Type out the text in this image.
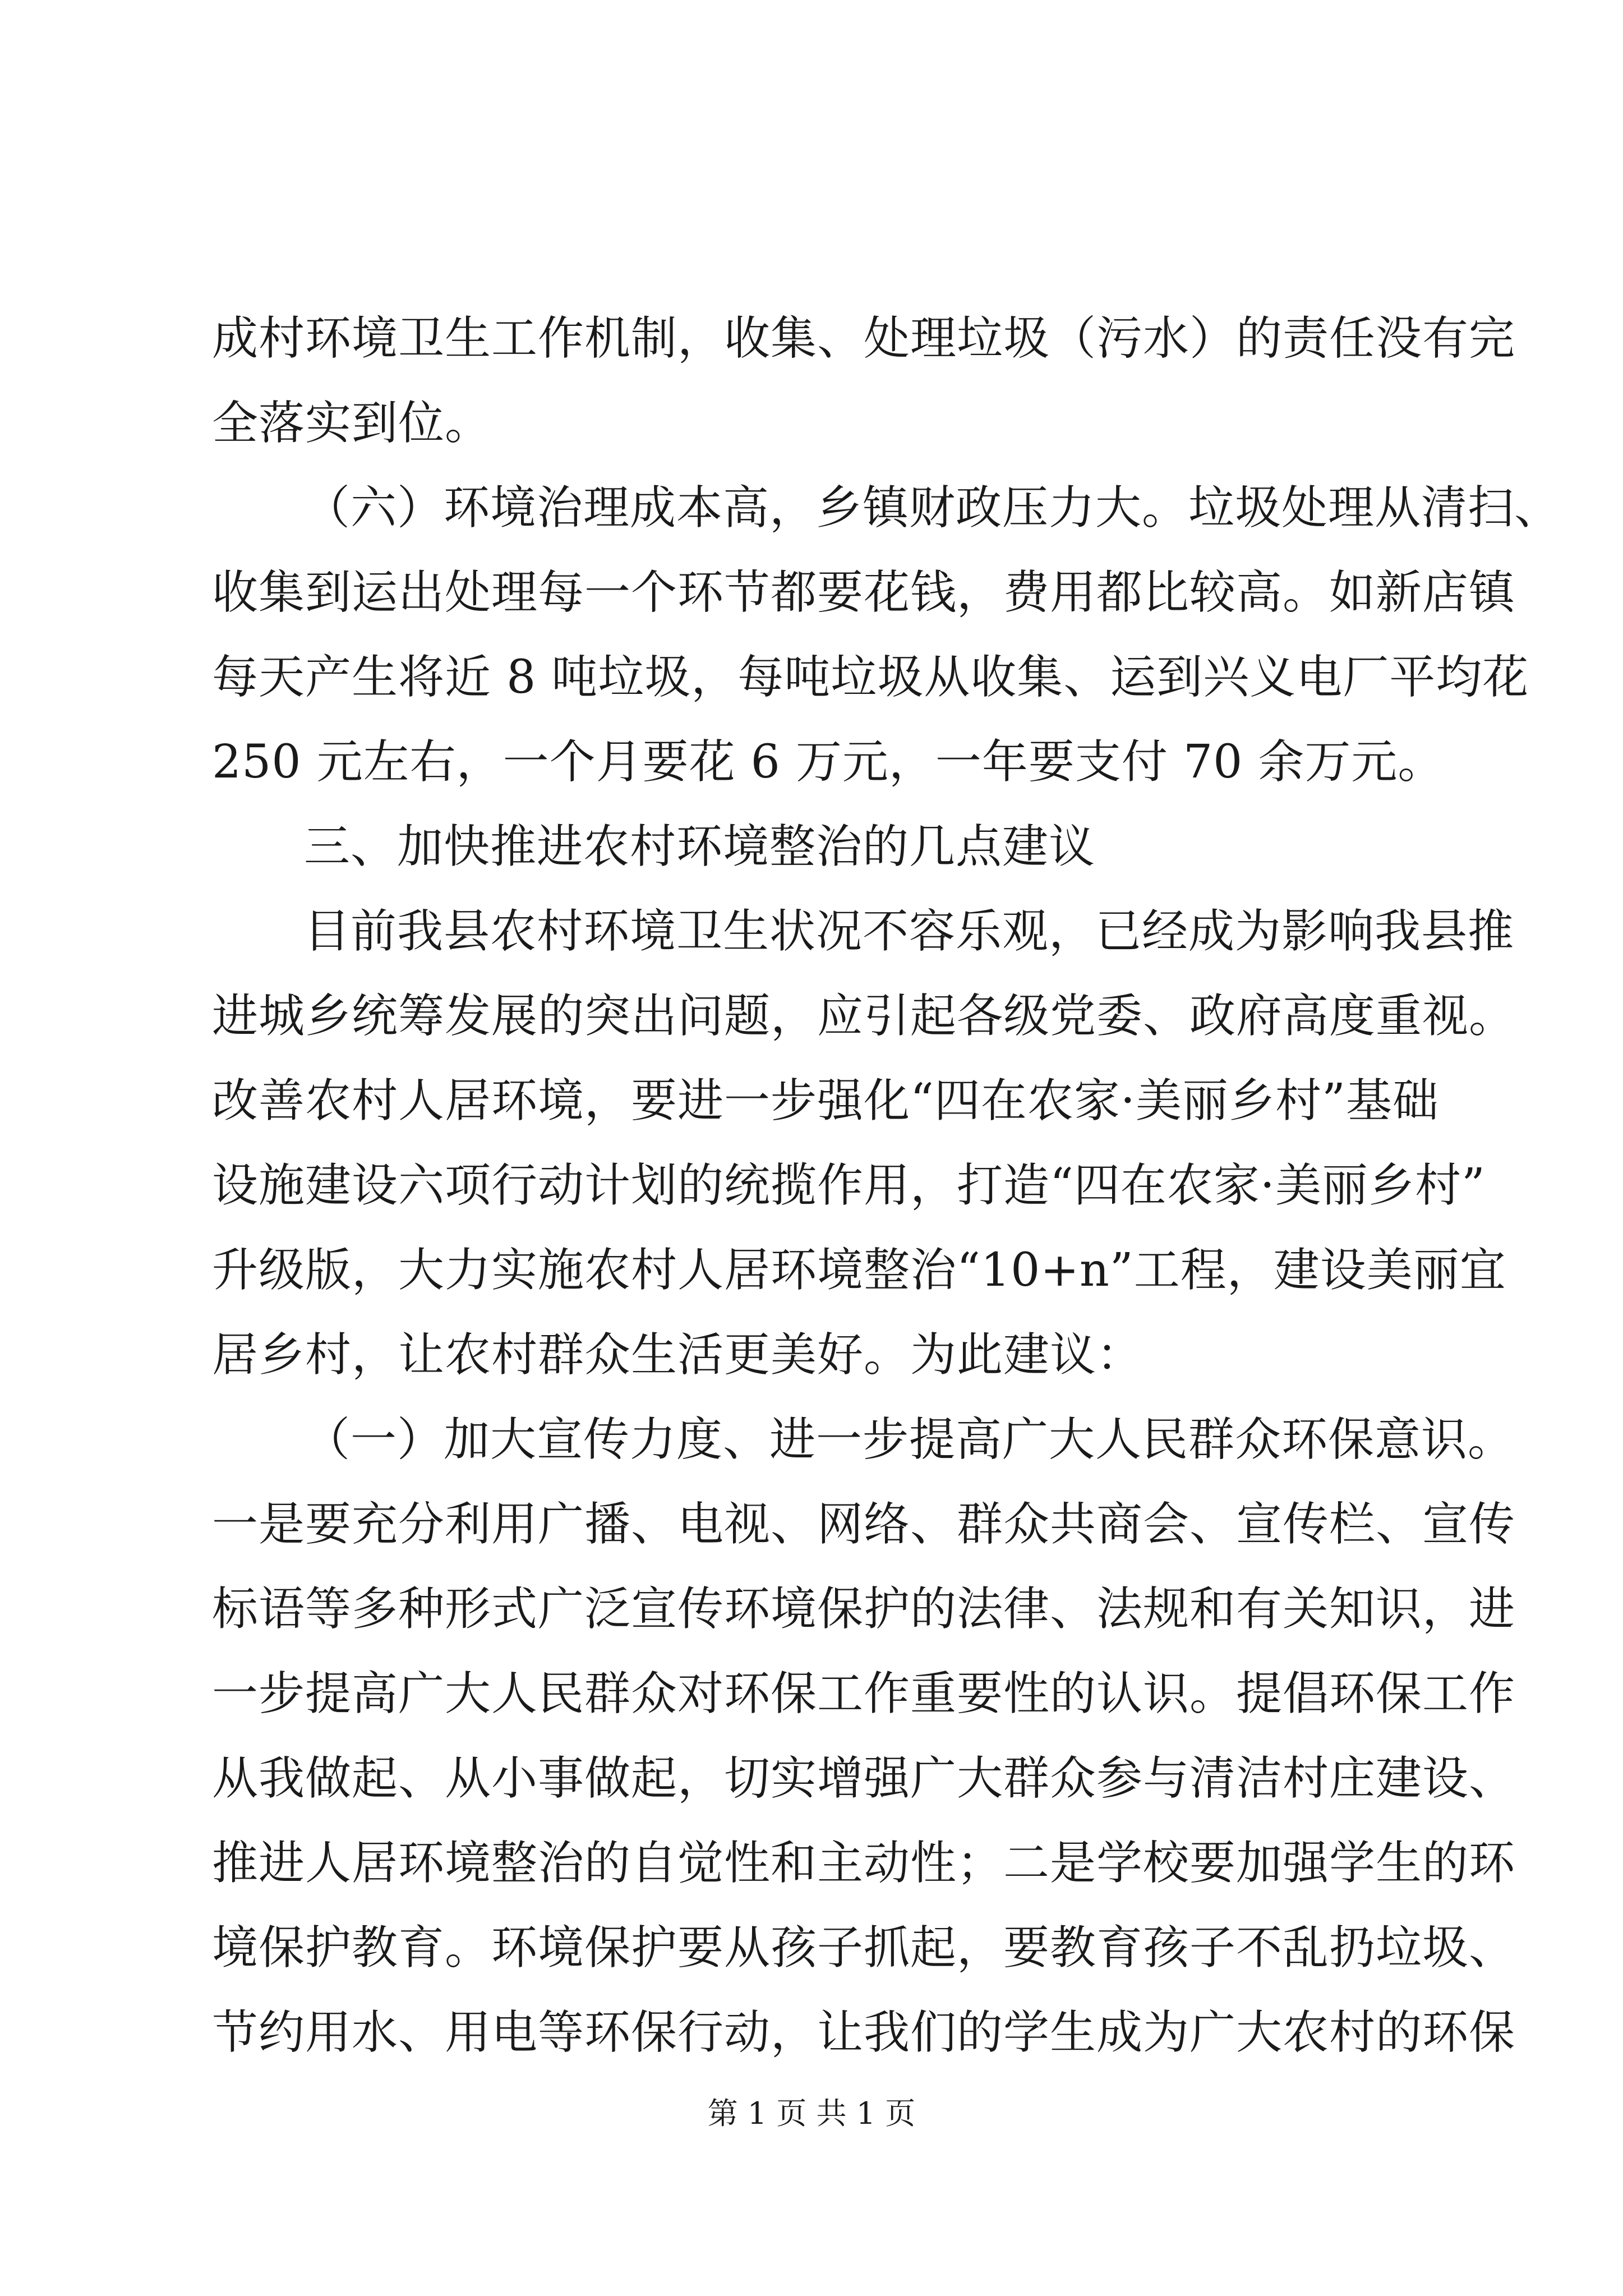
成村环境卫生工作机制，收集、处理垃圾（污水）的责任没有完
全落实到位。
（六）环境治理成本高，乡镇财政压力大。垃圾处理从清扫、
收集到运出处理每一个环节都要花钱，费用都比较高。如新店镇
每天产生将近 8 吨垃圾，每吨垃圾从收集、运到兴义电厂平均花
250 元左右，一个月要花 6 万元，一年要支付 70 余万元。
三、加快推进农村环境整治的几点建议
目前我县农村环境卫生状况不容乐观，已经成为影响我县推
进城乡统筹发展的突出问题，应引起各级党委、政府高度重视。
改善农村人居环境，要进一步强化“四在农家·美丽乡村”基础
设施建设六项行动计划的统揽作用，打造“四在农家·美丽乡村”
升级版，大力实施农村人居环境整治“10+n”工程，建设美丽宜
居乡村，让农村群众生活更美好。为此建议：
（一）加大宣传力度、进一步提高广大人民群众环保意识。
一是要充分利用广播、电视、网络、群众共商会、宣传栏、宣传
标语等多种形式广泛宣传环境保护的法律、法规和有关知识，进
一步提高广大人民群众对环保工作重要性的认识。提倡环保工作
从我做起、从小事做起，切实增强广大群众参与清洁村庄建设、
推进人居环境整治的自觉性和主动性；二是学校要加强学生的环
境保护教育。环境保护要从孩子抓起，要教育孩子不乱扔垃圾、
节约用水、用电等环保行动，让我们的学生成为广大农村的环保
第 1 页 共 1 页
